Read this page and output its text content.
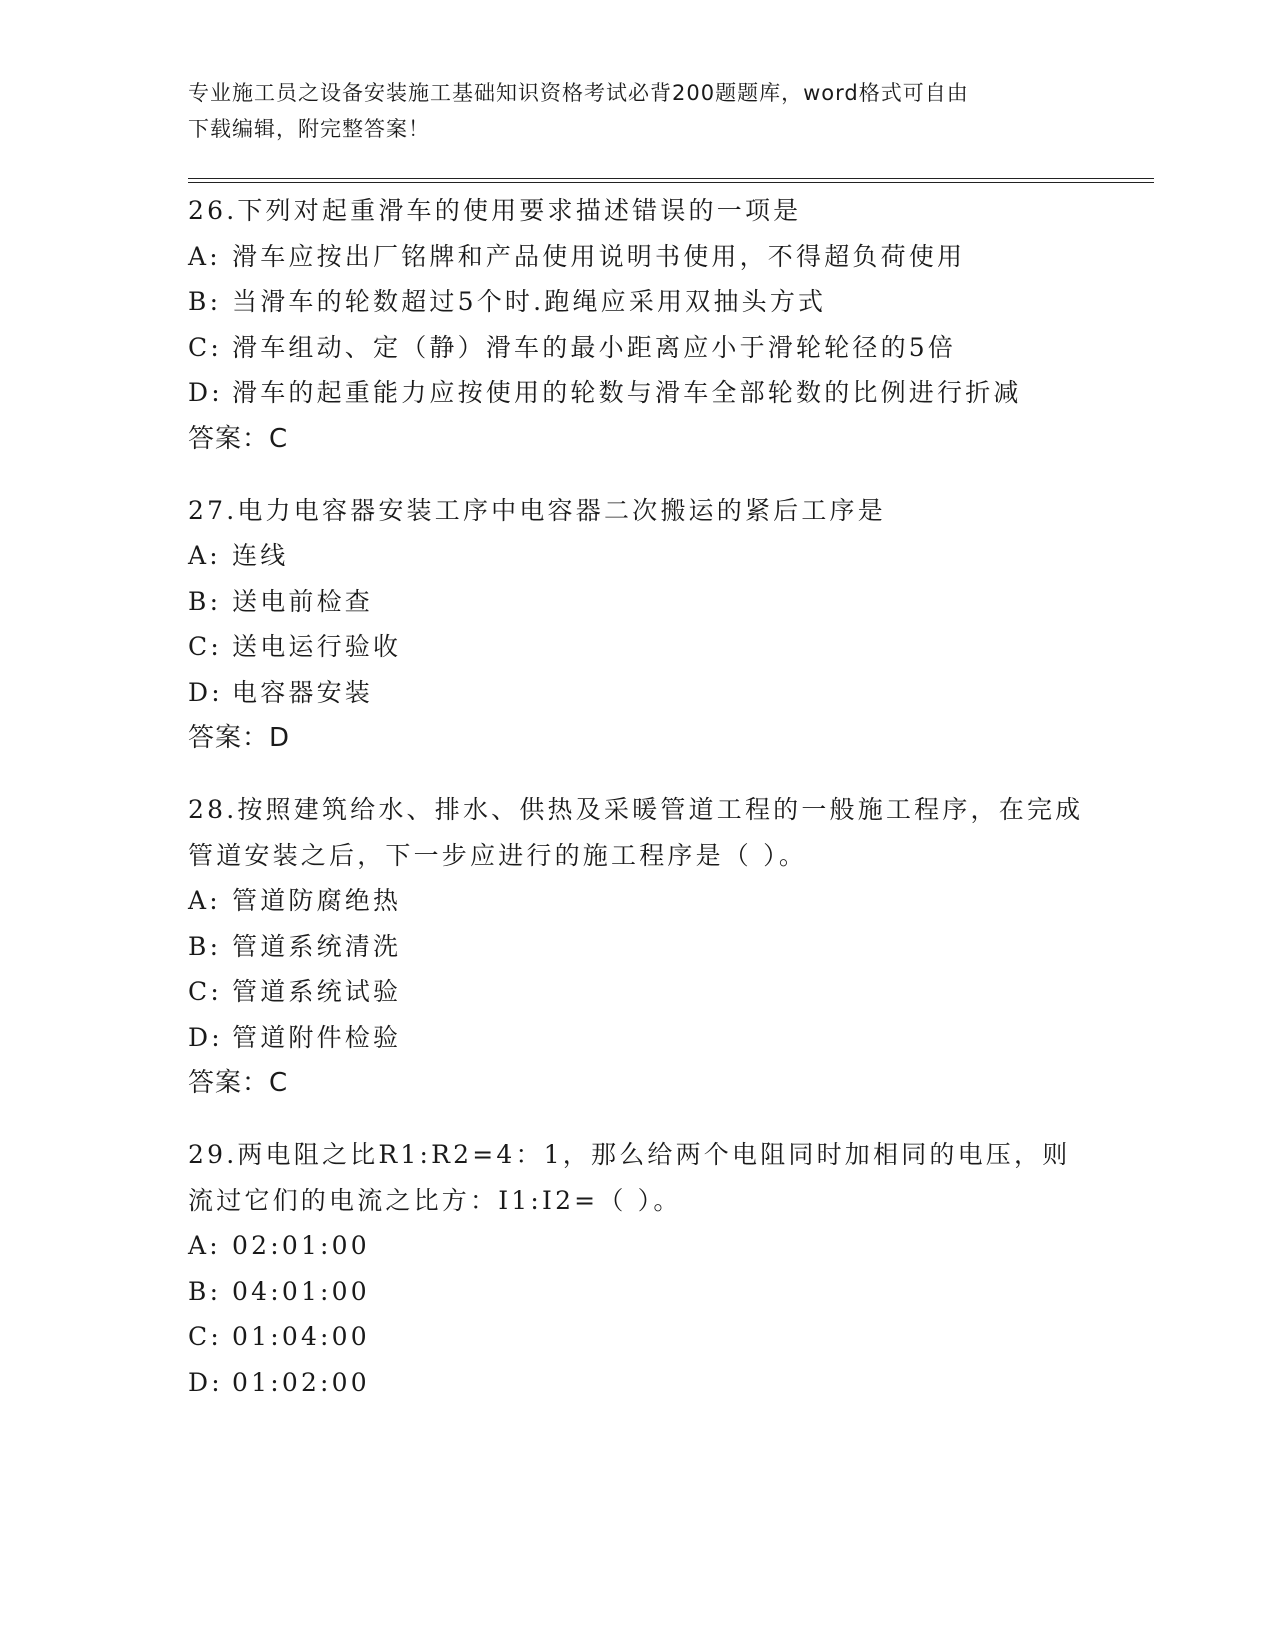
专业施工员之设备安装施工基础知识资格考试必背200题题库，word格式可自由
下载编辑，附完整答案！
26.下列对起重滑车的使用要求描述错误的一项是
A: 滑车应按出厂铭牌和产品使用说明书使用，不得超负荷使用
B: 当滑车的轮数超过5个时.跑绳应采用双抽头方式
C: 滑车组动、定（静）滑车的最小距离应小于滑轮轮径的5倍
D: 滑车的起重能力应按使用的轮数与滑车全部轮数的比例进行折减
答案：C
27.电力电容器安装工序中电容器二次搬运的紧后工序是
A: 连线
B: 送电前检查
C: 送电运行验收
D: 电容器安装
答案：D
28.按照建筑给水、排水、供热及采暖管道工程的一般施工程序，在完成管道安装之后，下一步应进行的施工程序是（ ）。
A: 管道防腐绝热
B: 管道系统清洗
C: 管道系统试验
D: 管道附件检验
答案：C
29.两电阻之比R1:R2=4：1，那么给两个电阻同时加相同的电压，则流过它们的电流之比方：I1:I2=（ ）。
A: 02:01:00
B: 04:01:00
C: 01:04:00
D: 01:02:00
